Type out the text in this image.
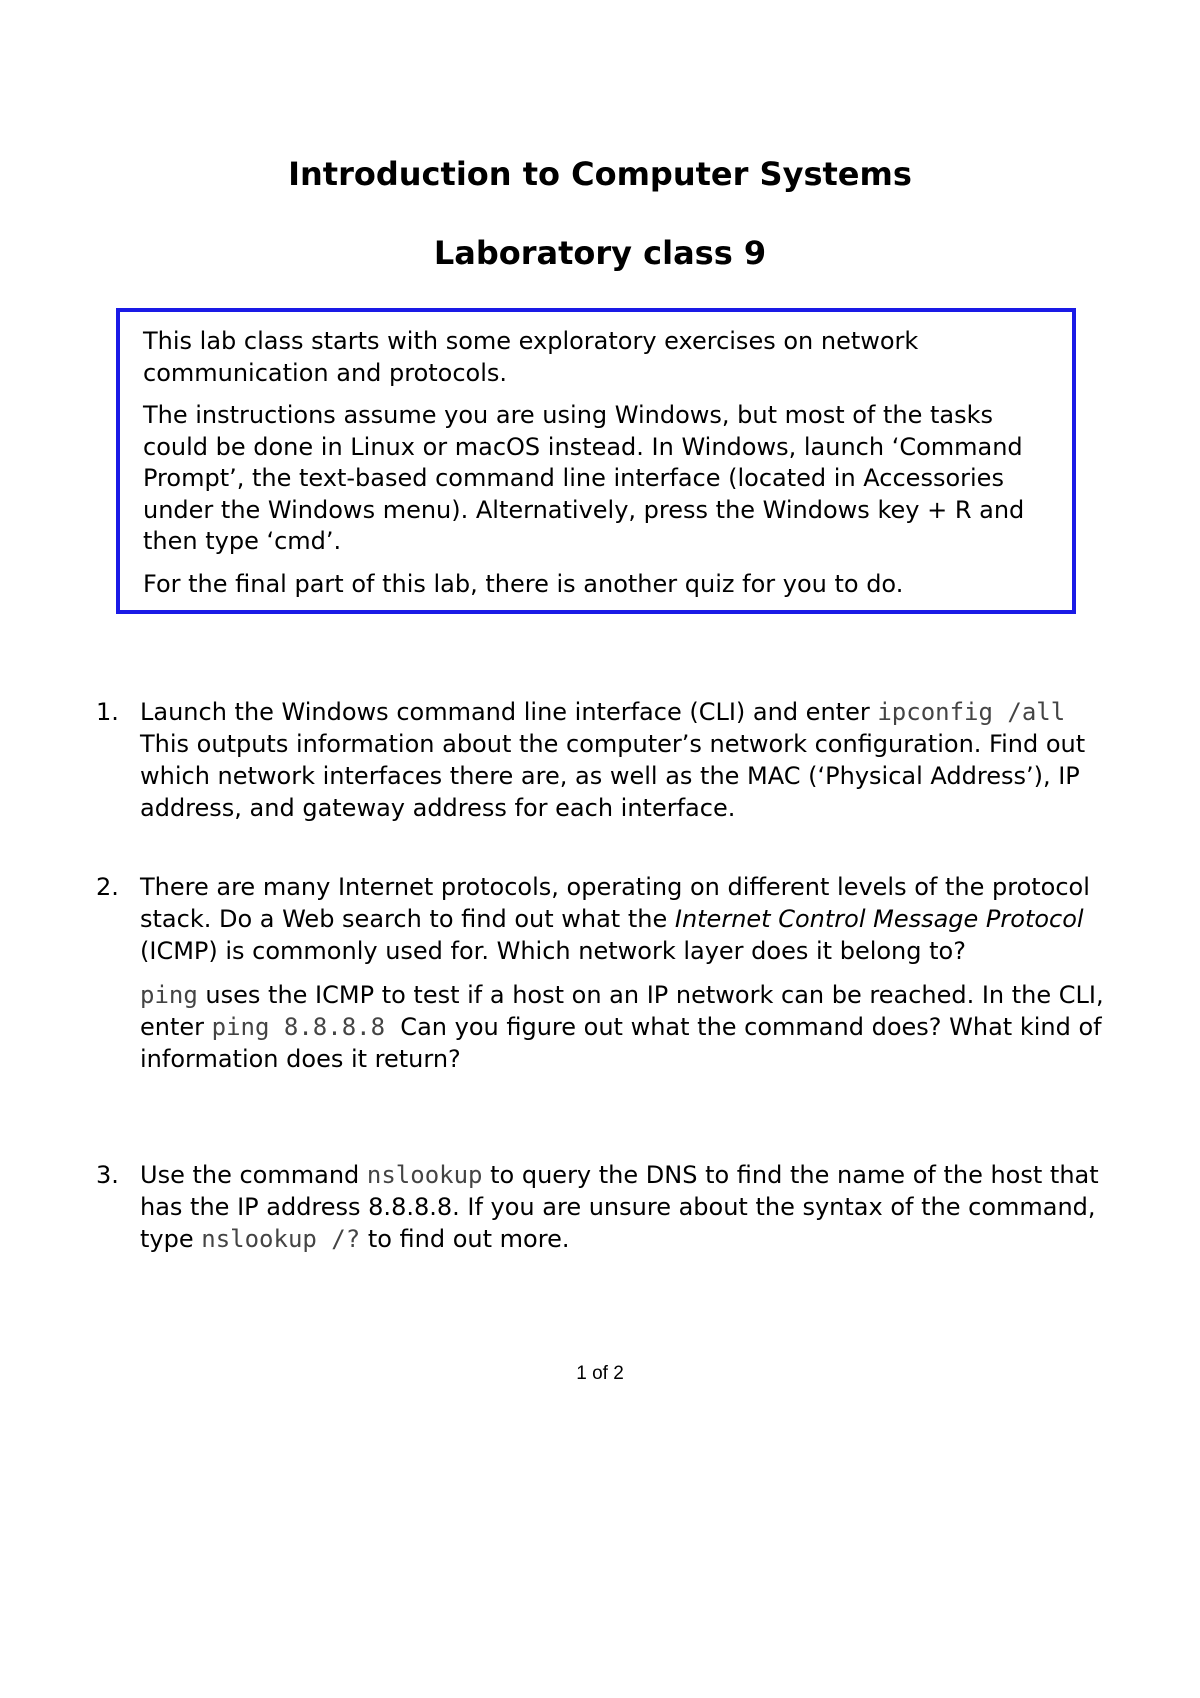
Introduction to Computer Systems
Laboratory class 9

This lab class starts with some exploratory exercises on network communication and protocols.

The instructions assume you are using Windows, but most of the tasks could be done in Linux or macOS instead. In Windows, launch ‘Command Prompt’, the text-based command line interface (located in Accessories under the Windows menu). Alternatively, press the Windows key + R and then type ‘cmd’.

For the final part of this lab, there is another quiz for you to do.

1. Launch the Windows command line interface (CLI) and enter ipconfig /all
This outputs information about the computer’s network configuration. Find out which network interfaces there are, as well as the MAC (‘Physical Address’), IP address, and gateway address for each interface.

2. There are many Internet protocols, operating on different levels of the protocol stack. Do a Web search to find out what the Internet Control Message Protocol (ICMP) is commonly used for. Which network layer does it belong to?

ping uses the ICMP to test if a host on an IP network can be reached. In the CLI, enter ping 8.8.8.8  Can you figure out what the command does? What kind of information does it return?

3. Use the command nslookup to query the DNS to find the name of the host that has the IP address 8.8.8.8. If you are unsure about the syntax of the command, type nslookup /? to find out more.

1 of 2
